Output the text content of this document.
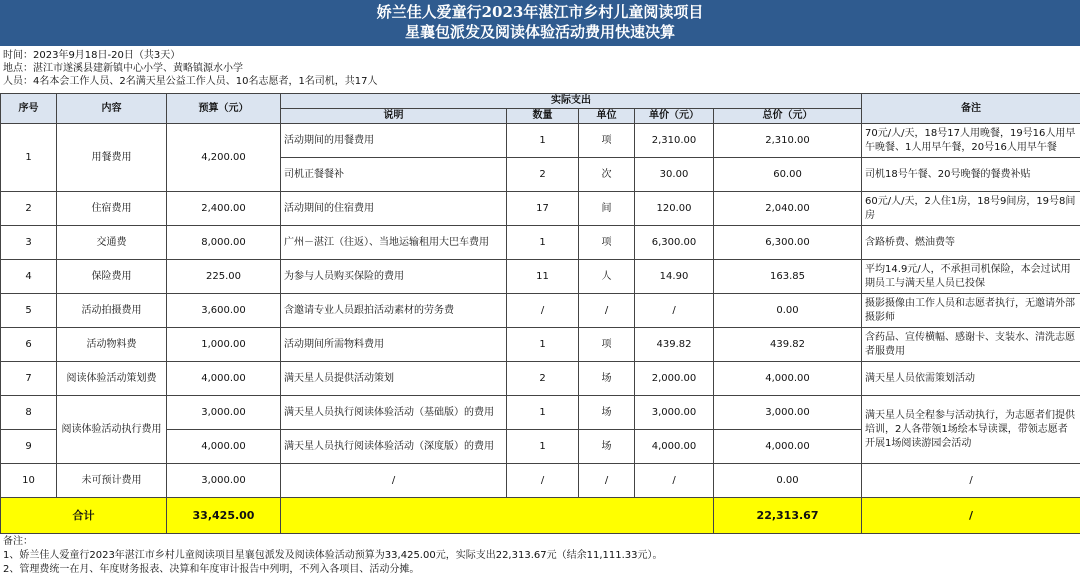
娇兰佳人爱童行2023年湛江市乡村儿童阅读项目
星襄包派发及阅读体验活动费用快速决算
时间：2023年9月18日-20日（共3天）
地点：湛江市遂溪县建新镇中心小学、黄略镇源水小学
人员：4名本会工作人员、2名满天星公益工作人员、10名志愿者，1名司机，共17人
序号	内容	预算（元）	实际支出					备注
			说明	数量	单位	单价（元）	总价（元）	
1	用餐费用	4,200.00	活动期间的用餐费用	1	项	2,310.00	2,310.00	70元/人/天，18号17人用晚餐，19号16人用早午晚餐、1人用早午餐，20号16人用早午餐
			司机正餐餐补	2	次	30.00	60.00	司机18号午餐、20号晚餐的餐费补贴
2	住宿费用	2,400.00	活动期间的住宿费用	17	间	120.00	2,040.00	60元/人/天，2人住1房，18号9间房，19号8间房
3	交通费	8,000.00	广州－湛江（往返）、当地运输租用大巴车费用	1	项	6,300.00	6,300.00	含路桥费、燃油费等
4	保险费用	225.00	为参与人员购买保险的费用	11	人	14.90	163.85	平均14.9元/人，不承担司机保险，本会过试用期员工与满天星人员已投保
5	活动拍摄费用	3,600.00	含邀请专业人员跟拍活动素材的劳务费	/	/	/	0.00	摄影摄像由工作人员和志愿者执行，无邀请外部摄影师
6	活动物料费	1,000.00	活动期间所需物料费用	1	项	439.82	439.82	含药品、宣传横幅、感谢卡、支装水、清洗志愿者服费用
7	阅读体验活动策划费	4,000.00	满天星人员提供活动策划	2	场	2,000.00	4,000.00	满天星人员依需策划活动
8	阅读体验活动执行费用	3,000.00	满天星人员执行阅读体验活动（基础版）的费用	1	场	3,000.00	3,000.00	满天星人员全程参与活动执行，为志愿者们提供培训，2人各带领1场绘本导读课，带领志愿者开展1场阅读游园会活动
9		4,000.00	满天星人员执行阅读体验活动（深度版）的费用	1	场	4,000.00	4,000.00	
10	未可预计费用	3,000.00	/	/	/	/	0.00	/
合计		33,425.00					22,313.67	/
备注：
1、娇兰佳人爱童行2023年湛江市乡村儿童阅读项目星襄包派发及阅读体验活动预算为33,425.00元，实际支出22,313.67元（结余11,111.33元）。
2、管理费统一在月、年度财务报表、决算和年度审计报告中列明，不列入各项目、活动分摊。
